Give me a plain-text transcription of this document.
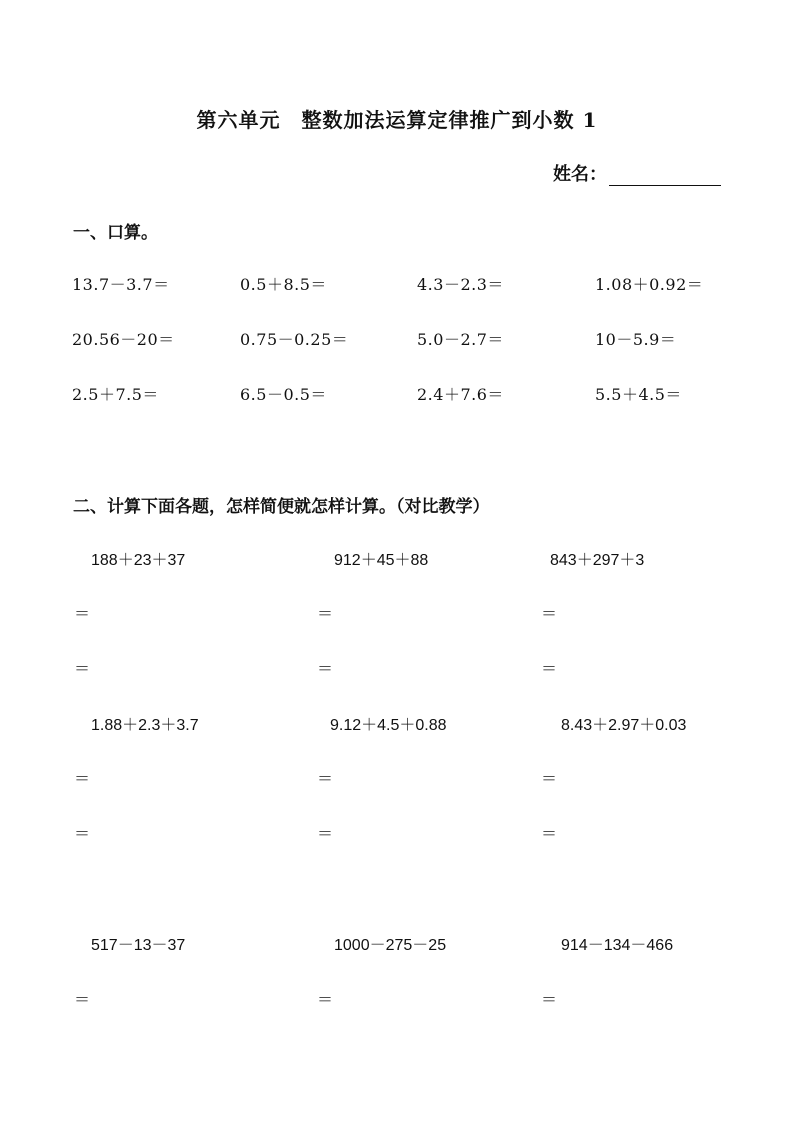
第六单元　整数加法运算定律推广到小数 1
姓名：
一、口算。
13.7－3.7＝	0.5＋8.5＝	4.3－2.3＝	1.08＋0.92＝
20.56－20＝	0.75－0.25＝	5.0－2.7＝	10－5.9＝
2.5＋7.5＝	6.5－0.5＝	2.4＋7.6＝	5.5＋4.5＝
二、计算下面各题，怎样简便就怎样计算。（对比教学）
188＋23＋37	912＋45＋88	843＋297＋3
＝	＝	＝
＝	＝	＝
1.88＋2.3＋3.7	9.12＋4.5＋0.88	8.43＋2.97＋0.03
＝	＝	＝
＝	＝	＝
517－13－37	1000－275－25	914－134－466
＝	＝	＝
